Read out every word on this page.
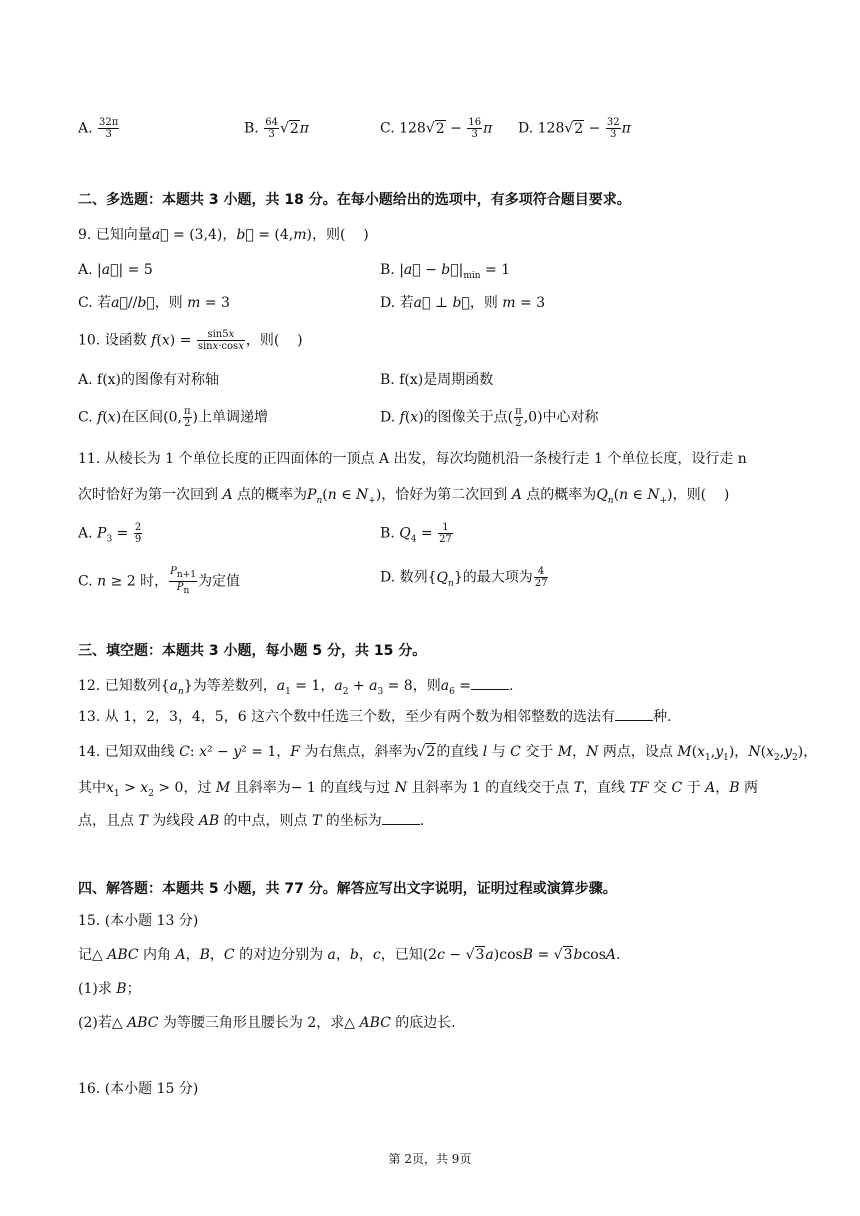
A. $\frac{32\pi}{3}$	B. $\frac{64}{3} √2\pi$	C. $128√2 - \frac{16}{3}$ π D. $128√2 - \frac{32}{3}$ π
二、多选题：本题共 3 小题，共 18 分。在每小题给出的选项中，有多项符合题目要求。
9. 已知向量a⃗ = (3,4)，b⃗ = (4,m)，则(    )
A. |a⃗| = 5	B. |a⃗ − $b⃗|_{min} = 1$
C. 若a⃗//b⃗，则 m = 3	D. 若a⃗ ⊥ b⃗，则 m = 3
10. 设函数 $f(x) = \frac{\sin 5x}{\sin x\cdot\cos x}$ ，则(    )
A. f(x)的图像有对称轴	B. f(x)是周期函数
C. f(x)在区间(0, $\frac{\pi}{2}$ )上单调递增	D. f(x)的图像关于点( $\frac{\pi}{2} ,0$)中心对称
11. 从棱长为 1 个单位长度的正四面体的一顶点 A 出发，每次均随机沿一条棱行走 1 个单位长度，设行走 n
次时恰好为第一次回到 A 点的概率为$P_n(n$ ∈ $N_+$)，恰好为第二次回到 A 点的概率为$Q_n(n$ ∈ $N_+$)，则(    )
A. $P_3 = \frac{2}{9}$	B. $Q_4 = \frac{1}{27}$
C. n ≥ 2 时， $\frac{P_{n+1}}{P_n}$ 为定值	D. 数列$\{Q_n\}$的最大项为 $\frac{4}{27}$
三、填空题：本题共 3 小题，每小题 5 分，共 15 分。
12. 已知数列$\{a_n\}$为等差数列，$a_1 = 1$，$a_2 + a_3 = 8$，则$a_6$ =	.
13. 从 1，2，3，4，5，6 这六个数中任选三个数，至少有两个数为相邻整数的选法有	种.
14. 已知双曲线 C: x² − y² = 1，F 为右焦点，斜率为√2的直线 l 与 C 交于 M，N 两点，设点 $M(x_1,y_1)$，$N(x_2,y_2)$，
其中$x_1 > x_2 > 0$，过 M 且斜率为− 1 的直线与过 N 且斜率为 1 的直线交于点 T，直线 TF 交 C 于 A，B 两
点，且点 T 为线段 AB 的中点，则点 T 的坐标为	.
四、解答题：本题共 5 小题，共 77 分。解答应写出文字说明，证明过程或演算步骤。
15. (本小题 13 分)
记△ ABC 内角 A，B，C 的对边分别为 a，b，c，已知(2c − √3a)cosB = √3bcosA.
(1)求 B；
(2)若△ ABC 为等腰三角形且腰长为 2，求△ ABC 的底边长.
16. (本小题 15 分)
第 2页，共 9页
